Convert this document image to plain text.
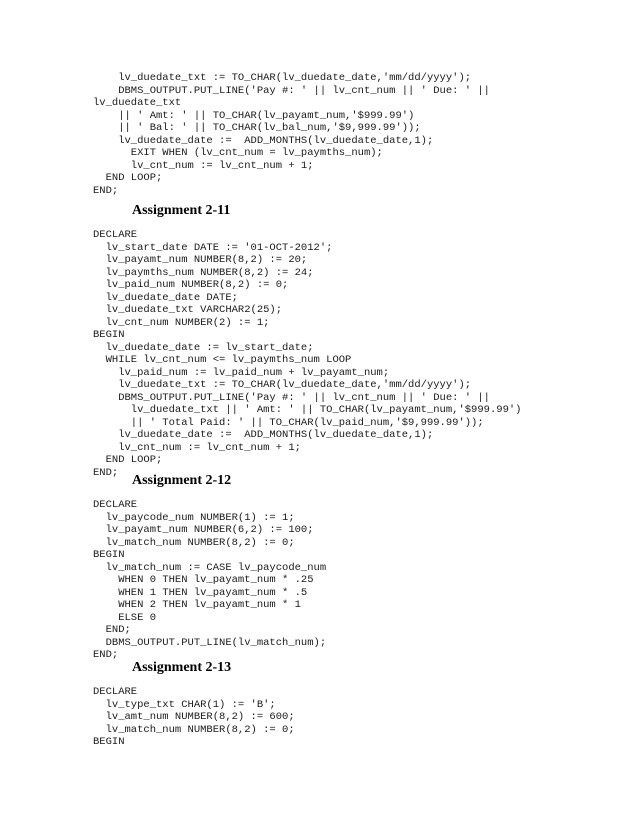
lv_duedate_txt := TO_CHAR(lv_duedate_date,'mm/dd/yyyy');
DBMS_OUTPUT.PUT_LINE('Pay #: ' || lv_cnt_num || ' Due: ' ||
lv_duedate_txt
|| ' Amt: ' || TO_CHAR(lv_payamt_num,'$999.99')
|| ' Bal: ' || TO_CHAR(lv_bal_num,'$9,999.99'));
lv_duedate_date :=  ADD_MONTHS(lv_duedate_date,1);
EXIT WHEN (lv_cnt_num = lv_paymths_num);
lv_cnt_num := lv_cnt_num + 1;
END LOOP;
END;
Assignment 2-11
DECLARE
lv_start_date DATE := '01-OCT-2012';
lv_payamt_num NUMBER(8,2) := 20;
lv_paymths_num NUMBER(8,2) := 24;
lv_paid_num NUMBER(8,2) := 0;
lv_duedate_date DATE;
lv_duedate_txt VARCHAR2(25);
lv_cnt_num NUMBER(2) := 1;
BEGIN
lv_duedate_date := lv_start_date;
WHILE lv_cnt_num <= lv_paymths_num LOOP
lv_paid_num := lv_paid_num + lv_payamt_num;
lv_duedate_txt := TO_CHAR(lv_duedate_date,'mm/dd/yyyy');
DBMS_OUTPUT.PUT_LINE('Pay #: ' || lv_cnt_num || ' Due: ' ||
lv_duedate_txt || ' Amt: ' || TO_CHAR(lv_payamt_num,'$999.99')
|| ' Total Paid: ' || TO_CHAR(lv_paid_num,'$9,999.99'));
lv_duedate_date :=  ADD_MONTHS(lv_duedate_date,1);
lv_cnt_num := lv_cnt_num + 1;
END LOOP;
END;
Assignment 2-12
DECLARE
lv_paycode_num NUMBER(1) := 1;
lv_payamt_num NUMBER(6,2) := 100;
lv_match_num NUMBER(8,2) := 0;
BEGIN
lv_match_num := CASE lv_paycode_num
WHEN 0 THEN lv_payamt_num * .25
WHEN 1 THEN lv_payamt_num * .5
WHEN 2 THEN lv_payamt_num * 1
ELSE 0
END;
DBMS_OUTPUT.PUT_LINE(lv_match_num);
END;
Assignment 2-13
DECLARE
lv_type_txt CHAR(1) := 'B';
lv_amt_num NUMBER(8,2) := 600;
lv_match_num NUMBER(8,2) := 0;
BEGIN
